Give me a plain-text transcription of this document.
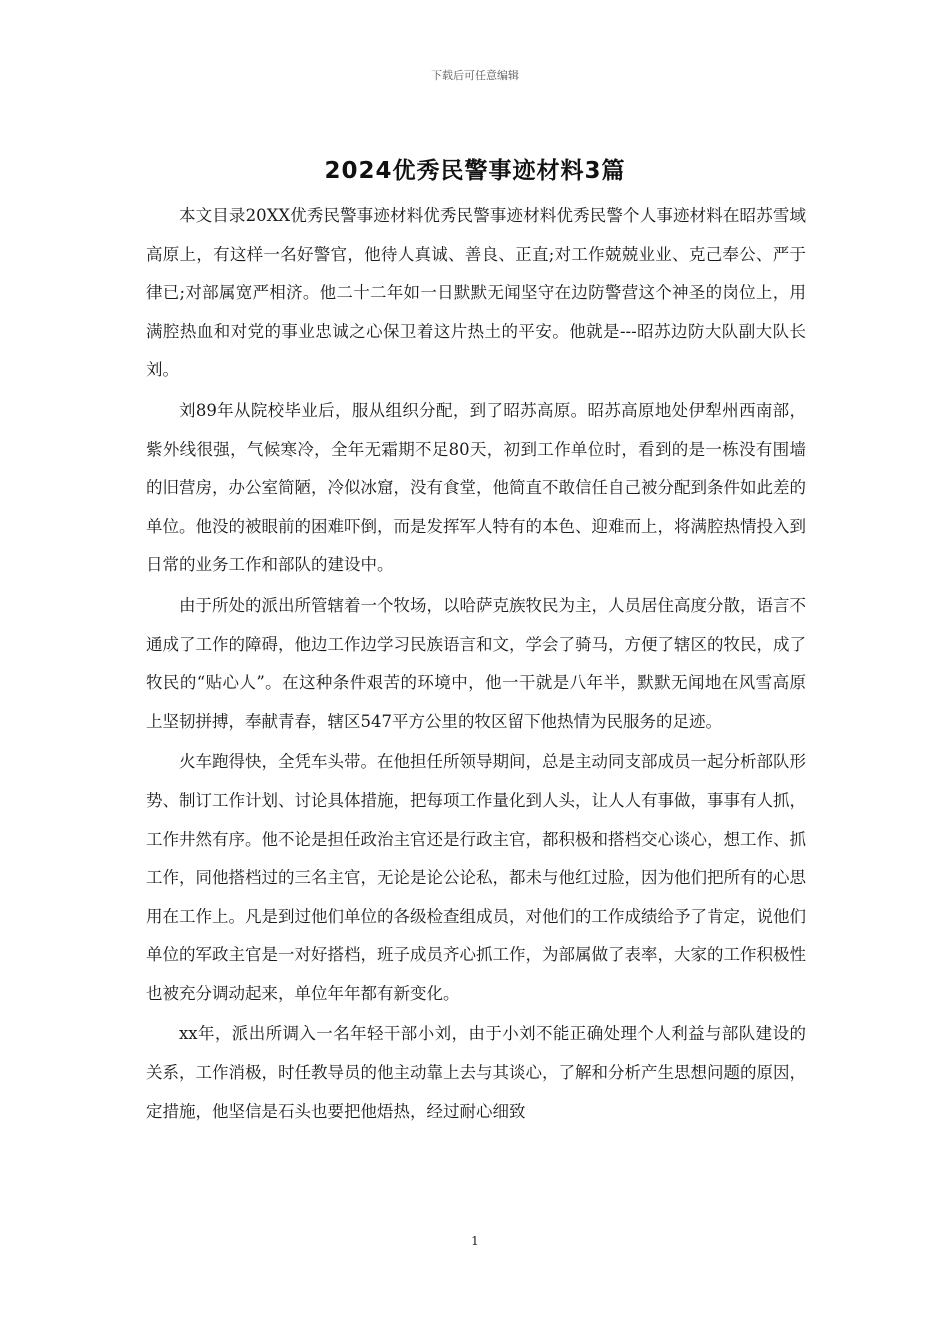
下载后可任意编辑
2024优秀民警事迹材料3篇

本文目录20XX优秀民警事迹材料优秀民警事迹材料优秀民警个人事迹材料在昭苏雪域高原上，有这样一名好警官，他待人真诚、善良、正直;对工作兢兢业业、克己奉公、严于律已;对部属宽严相济。他二十二年如一日默默无闻坚守在边防警营这个神圣的岗位上，用满腔热血和对党的事业忠诚之心保卫着这片热土的平安。他就是---昭苏边防大队副大队长刘。

刘89年从院校毕业后，服从组织分配，到了昭苏高原。昭苏高原地处伊犁州西南部，紫外线很强，气候寒冷，全年无霜期不足80天，初到工作单位时，看到的是一栋没有围墙的旧营房，办公室简陋，冷似冰窟，没有食堂，他简直不敢信任自己被分配到条件如此差的单位。他没的被眼前的困难吓倒，而是发挥军人特有的本色、迎难而上，将满腔热情投入到日常的业务工作和部队的建设中。

由于所处的派出所管辖着一个牧场，以哈萨克族牧民为主，人员居住高度分散，语言不通成了工作的障碍，他边工作边学习民族语言和文，学会了骑马，方便了辖区的牧民，成了牧民的“贴心人”。在这种条件艰苦的环境中，他一干就是八年半，默默无闻地在风雪高原上坚韧拼搏，奉献青春，辖区547平方公里的牧区留下他热情为民服务的足迹。

火车跑得快，全凭车头带。在他担任所领导期间，总是主动同支部成员一起分析部队形势、制订工作计划、讨论具体措施，把每项工作量化到人头，让人人有事做，事事有人抓，工作井然有序。他不论是担任政治主官还是行政主官，都积极和搭档交心谈心，想工作、抓工作，同他搭档过的三名主官，无论是论公论私，都未与他红过脸，因为他们把所有的心思用在工作上。凡是到过他们单位的各级检查组成员，对他们的工作成绩给予了肯定，说他们单位的军政主官是一对好搭档，班子成员齐心抓工作，为部属做了表率，大家的工作积极性也被充分调动起来，单位年年都有新变化。

xx年，派出所调入一名年轻干部小刘，由于小刘不能正确处理个人利益与部队建设的关系，工作消极，时任教导员的他主动靠上去与其谈心，了解和分析产生思想问题的原因，定措施，他坚信是石头也要把他焐热，经过耐心细致

1
